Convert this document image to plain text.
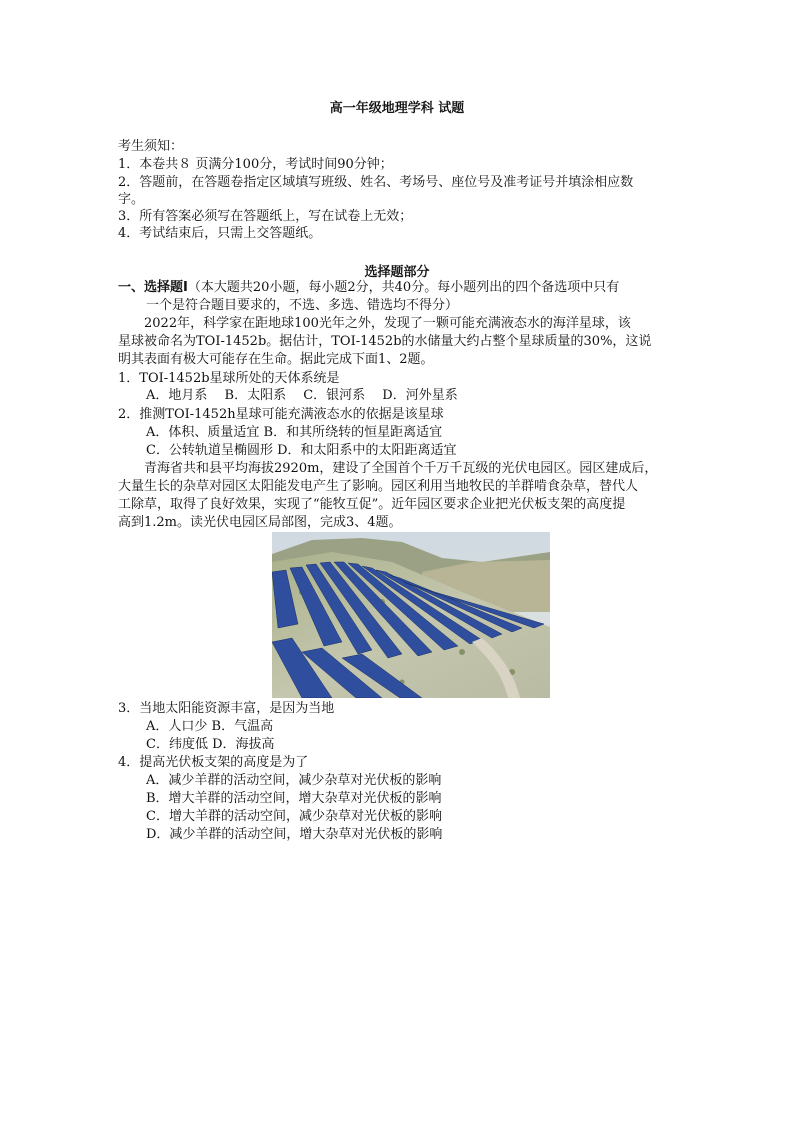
高一年级地理学科 试题
考生须知：
1．本卷共８ 页满分100分，考试时间90分钟；
2．答题前，在答题卷指定区域填写班级、姓名、考场号、座位号及准考证号并填涂相应数
字。
3．所有答案必须写在答题纸上，写在试卷上无效；
4．考试结束后，只需上交答题纸。
选择题部分
一、选择题Ⅰ（本大题共20小题，每小题2分，共40分。每小题列出的四个备选项中只有
一个是符合题目要求的，不选、多选、错选均不得分）
2022年，科学家在距地球100光年之外，发现了一颗可能充满液态水的海洋星球，该
星球被命名为TOI-1452b。据估计，TOI-1452b的水储量大约占整个星球质量的30%，这说
明其表面有极大可能存在生命。据此完成下面1、2题。
1．TOI-1452b星球所处的天体系统是
A．地月系　 B．太阳系　 C．银河系　 D．河外星系
2．推测TOI-1452h星球可能充满液态水的依据是该星球
A．体积、质量适宜 B．和其所绕转的恒星距离适宜
C．公转轨道呈椭圆形 D．和太阳系中的太阳距离适宜
青海省共和县平均海拔2920m，建设了全国首个千万千瓦级的光伏电园区。园区建成后，
大量生长的杂草对园区太阳能发电产生了影响。园区利用当地牧民的羊群啃食杂草，替代人
工除草，取得了良好效果，实现了“能牧互促”。近年园区要求企业把光伏板支架的高度提
高到1.2m。读光伏电园区局部图，完成3、4题。
3．当地太阳能资源丰富，是因为当地
A．人口少 B．气温高
C．纬度低 D．海拔高
4．提高光伏板支架的高度是为了
A．减少羊群的活动空间，减少杂草对光伏板的影响
B．增大羊群的活动空间，增大杂草对光伏板的影响
C．增大羊群的活动空间，减少杂草对光伏板的影响
D．减少羊群的活动空间，增大杂草对光伏板的影响
